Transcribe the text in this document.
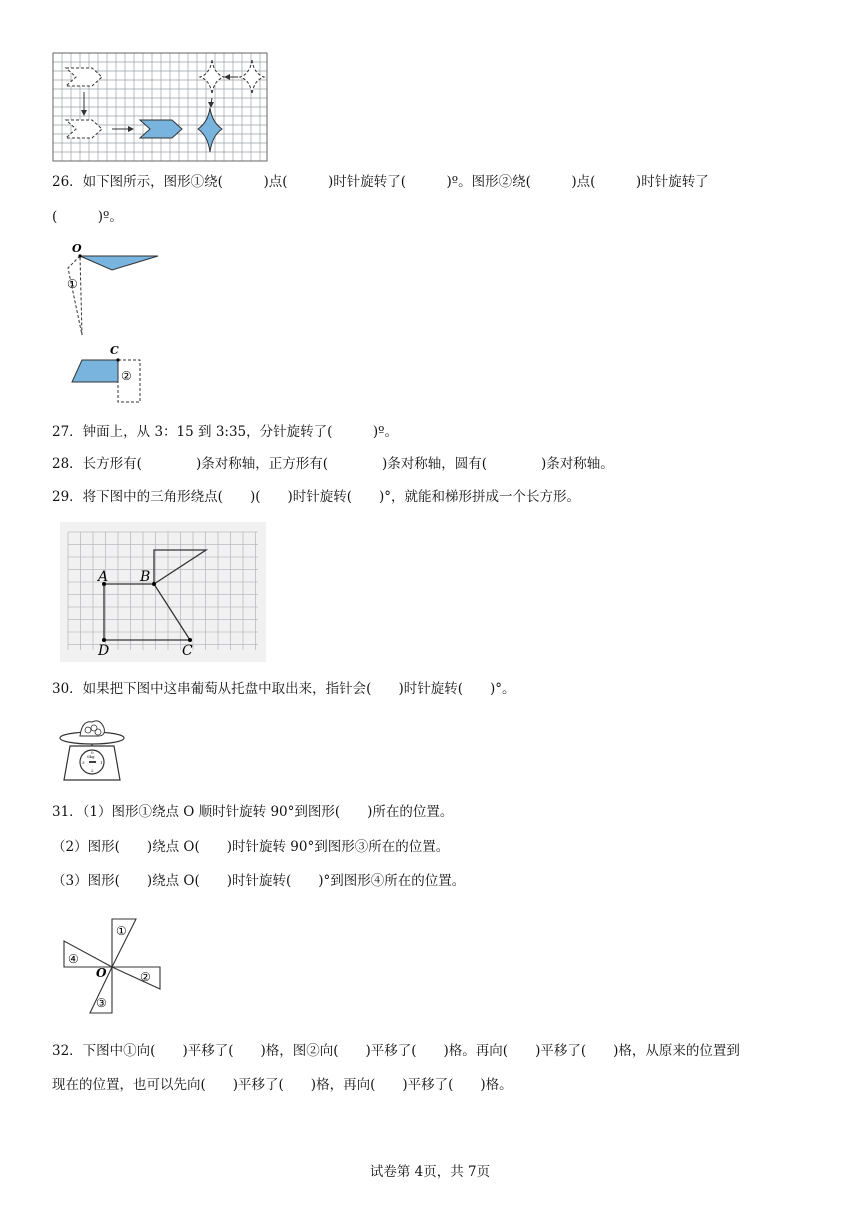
26．如下图所示，图形①绕(　　　)点(　　　)时针旋转了(　　　)º。图形②绕(　　　)点(　　　)时针旋转了
(　　　)º。
O
①
C
②
27．钟面上，从 3：15 到 3:35，分针旋转了(　　　)º。
28．长方形有(　　　　)条对称轴，正方形有(　　　　)条对称轴，圆有(　　　　)条对称轴。
29．将下图中的三角形绕点(　　)(　　)时针旋转(　　)°，就能和梯形拼成一个长方形。
A B
D	C
30．如果把下图中这串葡萄从托盘中取出来，指针会(　　)时针旋转(　　)°。
0kg
0
3	1
2
31．（1）图形①绕点 O 顺时针旋转 90°到图形(　　)所在的位置。
（2）图形(　　)绕点 O(　　)时针旋转 90°到图形③所在的位置。
（3）图形(　　)绕点 O(　　)时针旋转(　　)°到图形④所在的位置。
①
②
③
④
O
32．下图中①向(　　)平移了(　　)格，图②向(　　)平移了(　　)格。再向(　　)平移了(　　)格，从原来的位置到
现在的位置，也可以先向(　　)平移了(　　)格，再向(　　)平移了(　　)格。
试卷第 4页，共 7页
